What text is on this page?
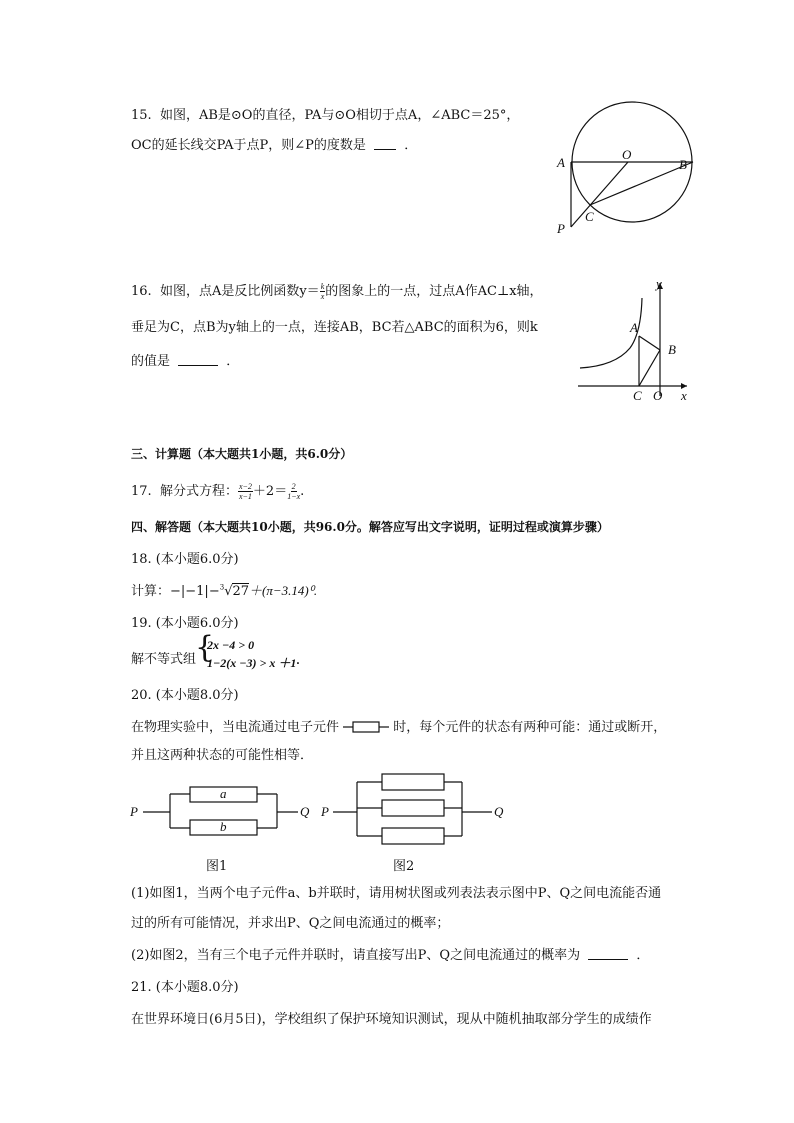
15. 如图，AB是⊙O的直径，PA与⊙O相切于点A，∠ABC＝25°，
OC的延长线交PA于点P，则∠P的度数是	．
A
O
B
C
P
16. 如图，点A是反比例函数$y= \frac{k}{x}$ 的图象上的一点，过点A作AC⊥x轴，
垂足为C，点B为y轴上的一点，连接AB，BC若△ABC的面积为6，则k
的值是	．
y
A
B
C O x
三、计算题（本大题共1小题，共6.0分）
17. 解分式方程： $\frac{x-2}{x-1} +2= \frac{2}{1-x}$ .
四、解答题（本大题共10小题，共96.0分。解答应写出文字说明，证明过程或演算步骤）
18. (本小题6.0分)
计算：−|−1|−$^3$√27＋(π−3.14)⁰.
19. (本小题6.0分)
解不等式组
{
2x −4 > 0
1−2(x −3) > x ＋1·
20. (本小题8.0分)
在物理实验中，当电流通过电子元件	时，每个元件的状态有两种可能：通过或断开，
并且这两种状态的可能性相等．
P	Q
a
b
图1
P	Q
图2
(1)如图1，当两个电子元件a、b并联时，请用树状图或列表法表示图中P、Q之间电流能否通
过的所有可能情况，并求出P、Q之间电流通过的概率；
(2)如图2，当有三个电子元件并联时，请直接写出P、Q之间电流通过的概率为	．
21. (本小题8.0分)
在世界环境日(6月5日)，学校组织了保护环境知识测试，现从中随机抽取部分学生的成绩作
